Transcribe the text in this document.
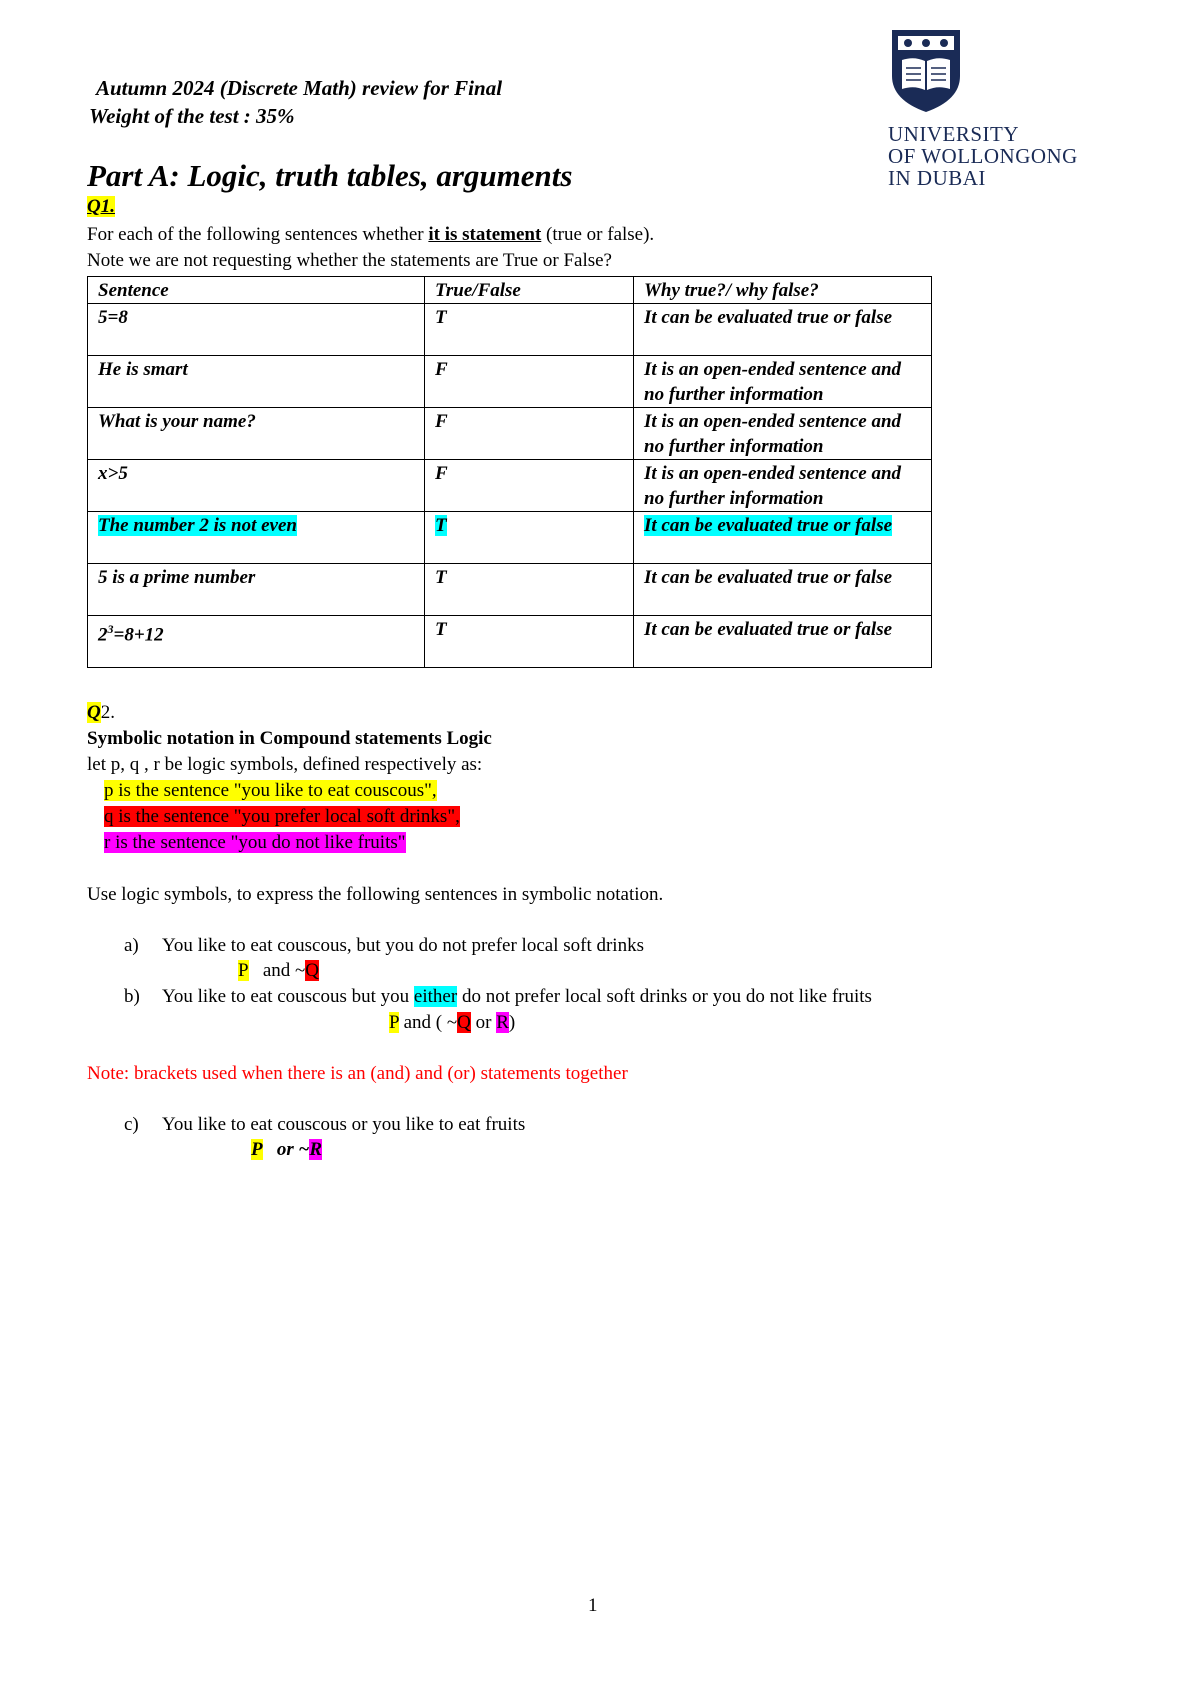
Autumn 2024 (Discrete Math) review for Final
Weight of the test : 35%
UNIVERSITY
OF WOLLONGONG
IN DUBAI
Part A: Logic, truth tables, arguments
Q1.
For each of the following sentences whether it is statement (true or false).
Note we are not requesting whether the statements are True or False?
Sentence	True/False	Why true?/ why false?
5=8	T	It can be evaluated true or false
He is smart	F	It is an open-ended sentence and no further information
What is your name?	F	It is an open-ended sentence and no further information
x>5	F	It is an open-ended sentence and no further information
The number 2 is not even	T	It can be evaluated true or false
5 is a prime number	T	It can be evaluated true or false
$2^3=8+12$	T	It can be evaluated true or false
Q2.
Symbolic notation in Compound statements Logic
let p, q , r be logic symbols, defined respectively as:
p is the sentence "you like to eat couscous",
q is the sentence "you prefer local soft drinks",
r is the sentence "you do not like fruits"
Use logic symbols, to express the following sentences in symbolic notation.
a) You like to eat couscous, but you do not prefer local soft drinks
P and ~Q
b) You like to eat couscous but you either do not prefer local soft drinks or you do not like fruits
P and ( ~Q or R)
Note: brackets used when there is an (and) and (or) statements together
c) You like to eat couscous or you like to eat fruits
P or ~R
1
